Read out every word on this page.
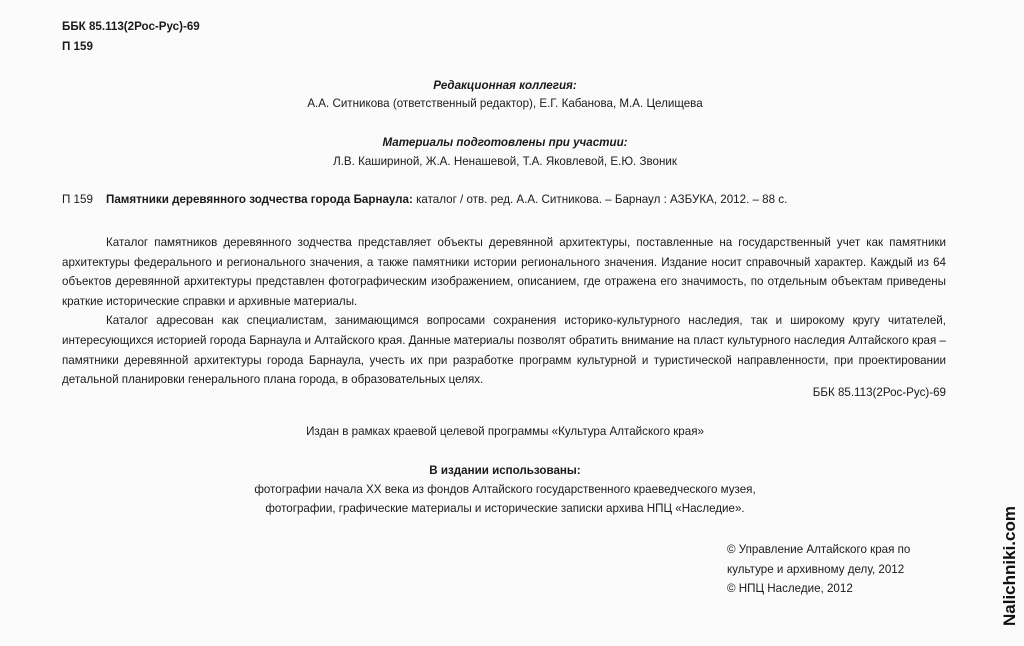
ББК 85.113(2Рос-Рус)-69
П 159
Редакционная коллегия:
А.А. Ситникова (ответственный редактор), Е.Г. Кабанова, М.А. Целищева
Материалы подготовлены при участии:
Л.В. Кашириной, Ж.А. Ненашевой, Т.А. Яковлевой, Е.Ю. Звоник
П 159 Памятники деревянного зодчества города Барнаула: каталог / отв. ред. А.А. Ситникова. – Барнаул : АЗБУКА, 2012. – 88 с.

Каталог памятников деревянного зодчества представляет объекты деревянной архитектуры, поставленные на государственный учет как памятники архитектуры федерального и регионального значения, а также памятники истории регионального значения. Издание носит справочный характер. Каждый из 64 объектов деревянной архитектуры представлен фотографическим изображением, описанием, где отражена его значимость, по отдельным объектам приведены краткие исторические справки и архивные материалы.

Каталог адресован как специалистам, занимающимся вопросами сохранения историко-культурного наследия, так и широкому кругу читателей, интересующихся историей города Барнаула и Алтайского края. Данные материалы позволят обратить внимание на пласт культурного наследия Алтайского края – памятники деревянной архитектуры города Барнаула, учесть их при разработке программ культурной и туристической направленности, при проектировании детальной планировки генерального плана города, в образовательных целях.

ББК 85.113(2Рос-Рус)-69
Издан в рамках краевой целевой программы «Культура Алтайского края»
В издании использованы:
фотографии начала XX века из фондов Алтайского государственного краеведческого музея,
фотографии, графические материалы и исторические записки архива НПЦ «Наследие».
© Управление Алтайского края по
культуре и архивному делу, 2012
© НПЦ Наследие, 2012	Nalichniki.com
